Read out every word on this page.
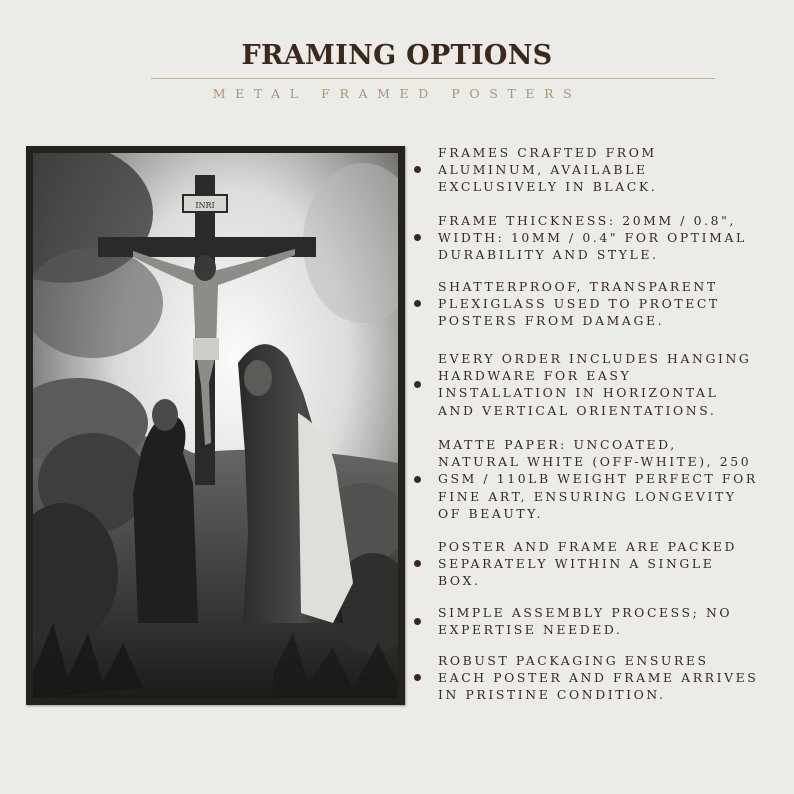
FRAMING OPTIONS
METAL FRAMED POSTERS
INRI
FRAMES CRAFTED FROM
ALUMINUM, AVAILABLE
EXCLUSIVELY IN BLACK.
FRAME THICKNESS: 20MM / 0.8",
WIDTH: 10MM / 0.4" FOR OPTIMAL
DURABILITY AND STYLE.
SHATTERPROOF, TRANSPARENT
PLEXIGLASS USED TO PROTECT
POSTERS FROM DAMAGE.
EVERY ORDER INCLUDES HANGING
HARDWARE FOR EASY
INSTALLATION IN HORIZONTAL
AND VERTICAL ORIENTATIONS.
MATTE PAPER: UNCOATED,
NATURAL WHITE (OFF-WHITE), 250
GSM / 110LB WEIGHT PERFECT FOR
FINE ART, ENSURING LONGEVITY
OF BEAUTY.
POSTER AND FRAME ARE PACKED
SEPARATELY WITHIN A SINGLE
BOX.
SIMPLE ASSEMBLY PROCESS; NO
EXPERTISE NEEDED.
ROBUST PACKAGING ENSURES
EACH POSTER AND FRAME ARRIVES
IN PRISTINE CONDITION.
